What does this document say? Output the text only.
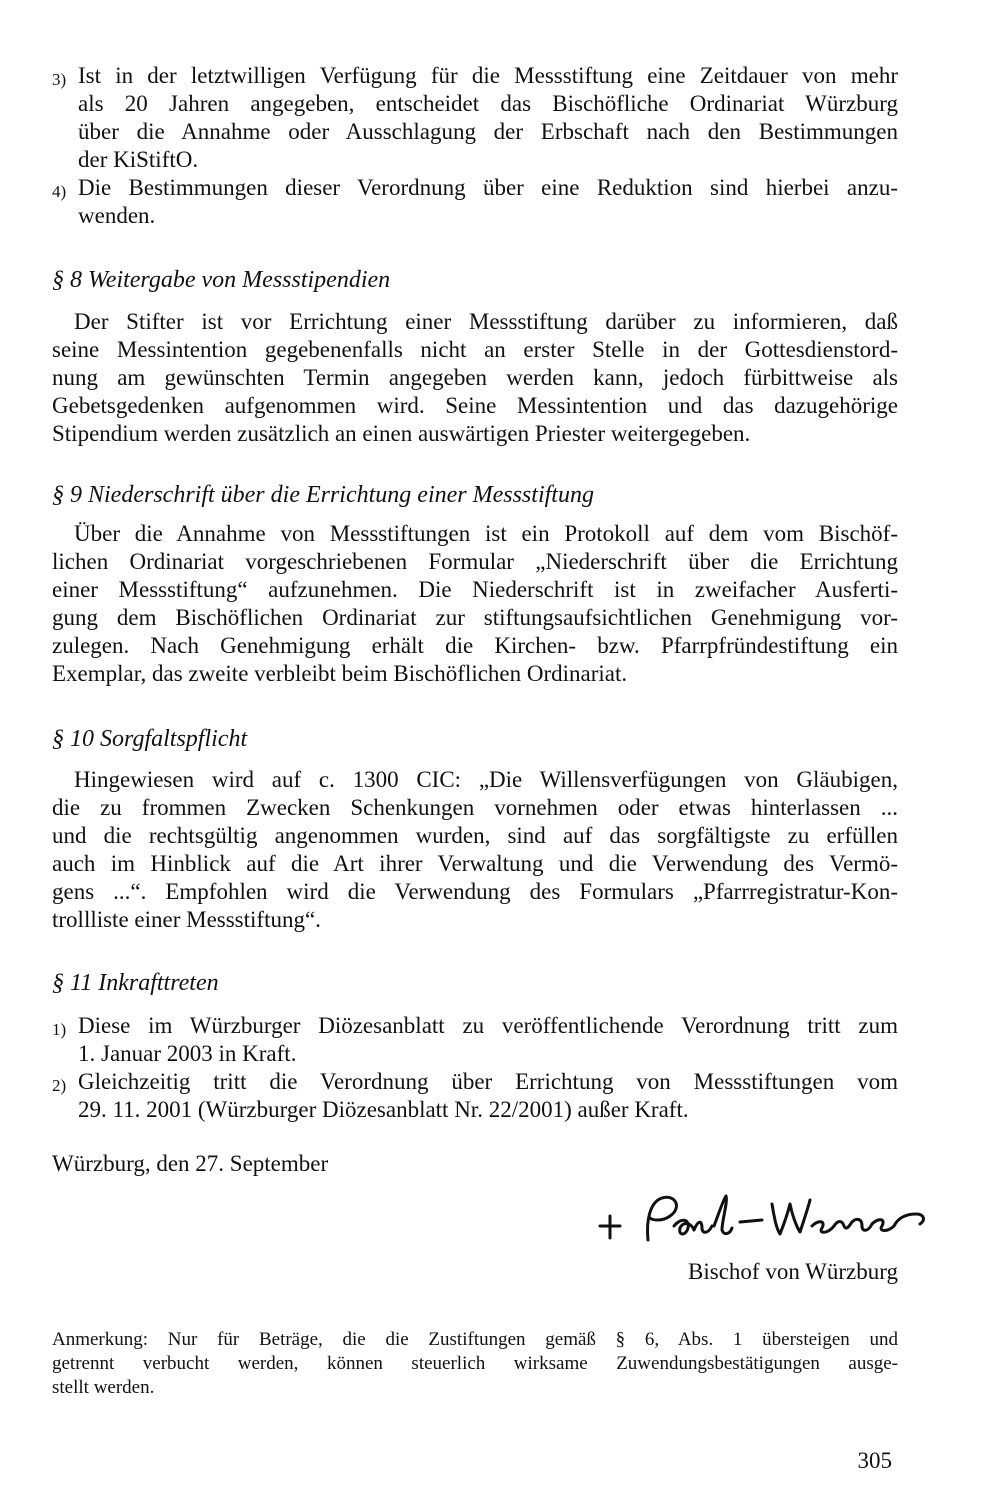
3) Ist in der letztwilligen Verfügung für die Messstiftung eine Zeitdauer von mehr
als 20 Jahren angegeben, entscheidet das Bischöfliche Ordinariat Würzburg
über die Annahme oder Ausschlagung der Erbschaft nach den Bestimmungen
der KiStiftO.
4) Die Bestimmungen dieser Verordnung über eine Reduktion sind hierbei anzu-
wenden.
§ 8 Weitergabe von Messstipendien
Der Stifter ist vor Errichtung einer Messstiftung darüber zu informieren, daß
seine Messintention gegebenenfalls nicht an erster Stelle in der Gottesdienstord-
nung am gewünschten Termin angegeben werden kann, jedoch fürbittweise als
Gebetsgedenken aufgenommen wird. Seine Messintention und das dazugehörige
Stipendium werden zusätzlich an einen auswärtigen Priester weitergegeben.
§ 9 Niederschrift über die Errichtung einer Messstiftung
Über die Annahme von Messstiftungen ist ein Protokoll auf dem vom Bischöf-
lichen Ordinariat vorgeschriebenen Formular „Niederschrift über die Errichtung
einer Messstiftung“ aufzunehmen. Die Niederschrift ist in zweifacher Ausferti-
gung dem Bischöflichen Ordinariat zur stiftungsaufsichtlichen Genehmigung vor-
zulegen. Nach Genehmigung erhält die Kirchen- bzw. Pfarrpfründestiftung ein
Exemplar, das zweite verbleibt beim Bischöflichen Ordinariat.
§ 10 Sorgfaltspflicht
Hingewiesen wird auf c. 1300 CIC: „Die Willensverfügungen von Gläubigen,
die zu frommen Zwecken Schenkungen vornehmen oder etwas hinterlassen ...
und die rechtsgültig angenommen wurden, sind auf das sorgfältigste zu erfüllen
auch im Hinblick auf die Art ihrer Verwaltung und die Verwendung des Vermö-
gens ...“. Empfohlen wird die Verwendung des Formulars „Pfarrregistratur-Kon-
trollliste einer Messstiftung“.
§ 11 Inkrafttreten
1) Diese im Würzburger Diözesanblatt zu veröffentlichende Verordnung tritt zum
1. Januar 2003 in Kraft.
2) Gleichzeitig tritt die Verordnung über Errichtung von Messstiftungen vom
29. 11. 2001 (Würzburger Diözesanblatt Nr. 22/2001) außer Kraft.
Würzburg, den 27. September
Bischof von Würzburg
Anmerkung: Nur für Beträge, die die Zustiftungen gemäß § 6, Abs. 1 übersteigen und
getrennt verbucht werden, können steuerlich wirksame Zuwendungsbestätigungen ausge-
stellt werden.
305
